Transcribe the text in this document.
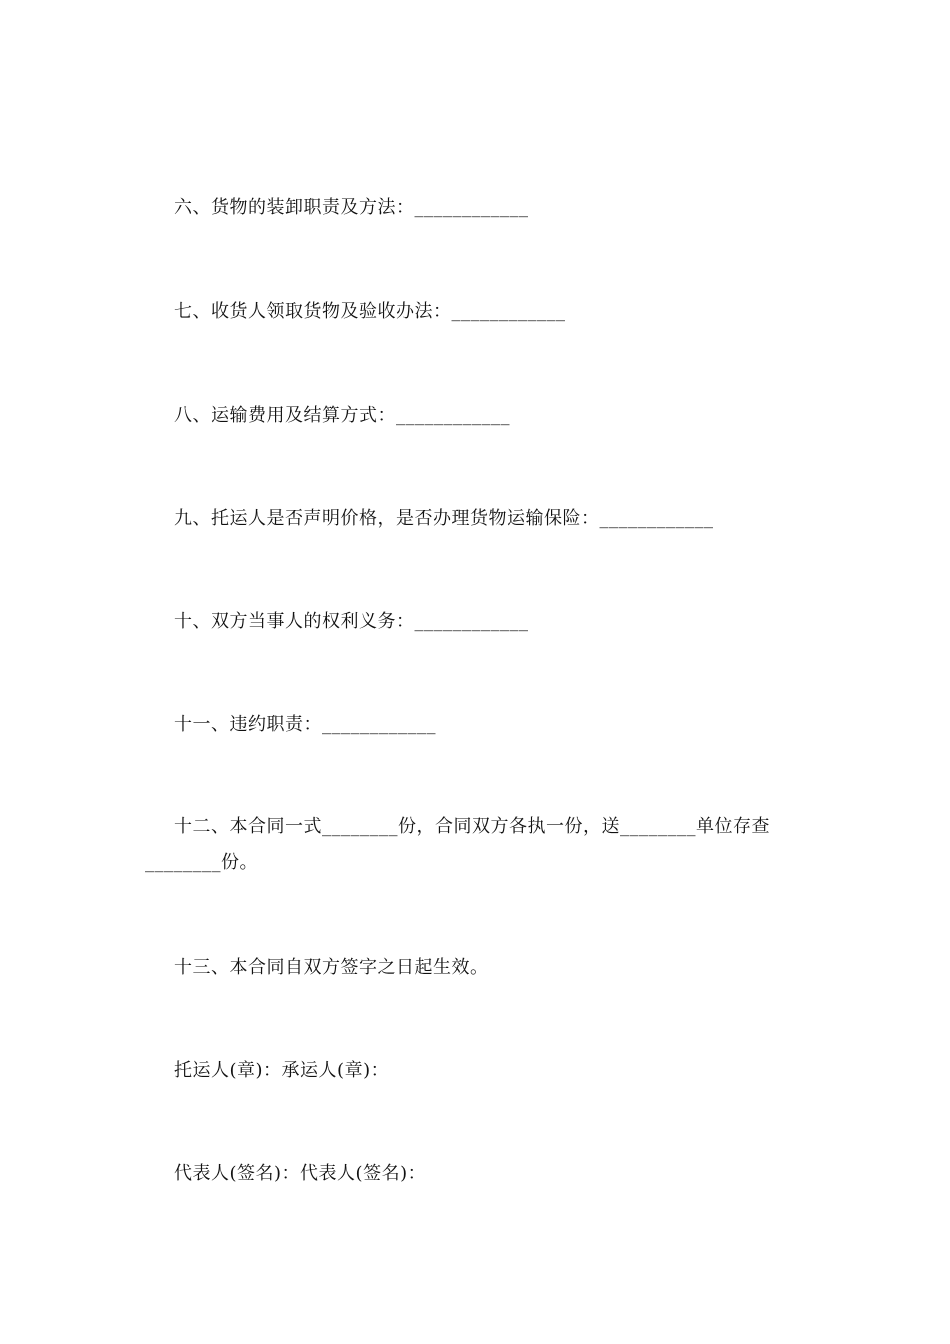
六、货物的装卸职责及方法：____________

七、收货人领取货物及验收办法：____________

八、运输费用及结算方式：____________

九、托运人是否声明价格，是否办理货物运输保险：____________

十、双方当事人的权利义务：____________

十一、违约职责：____________

十二、本合同一式________份，合同双方各执一份，送________单位存查________份。

十三、本合同自双方签字之日起生效。

托运人(章)：承运人(章)：

代表人(签名)：代表人(签名)：
